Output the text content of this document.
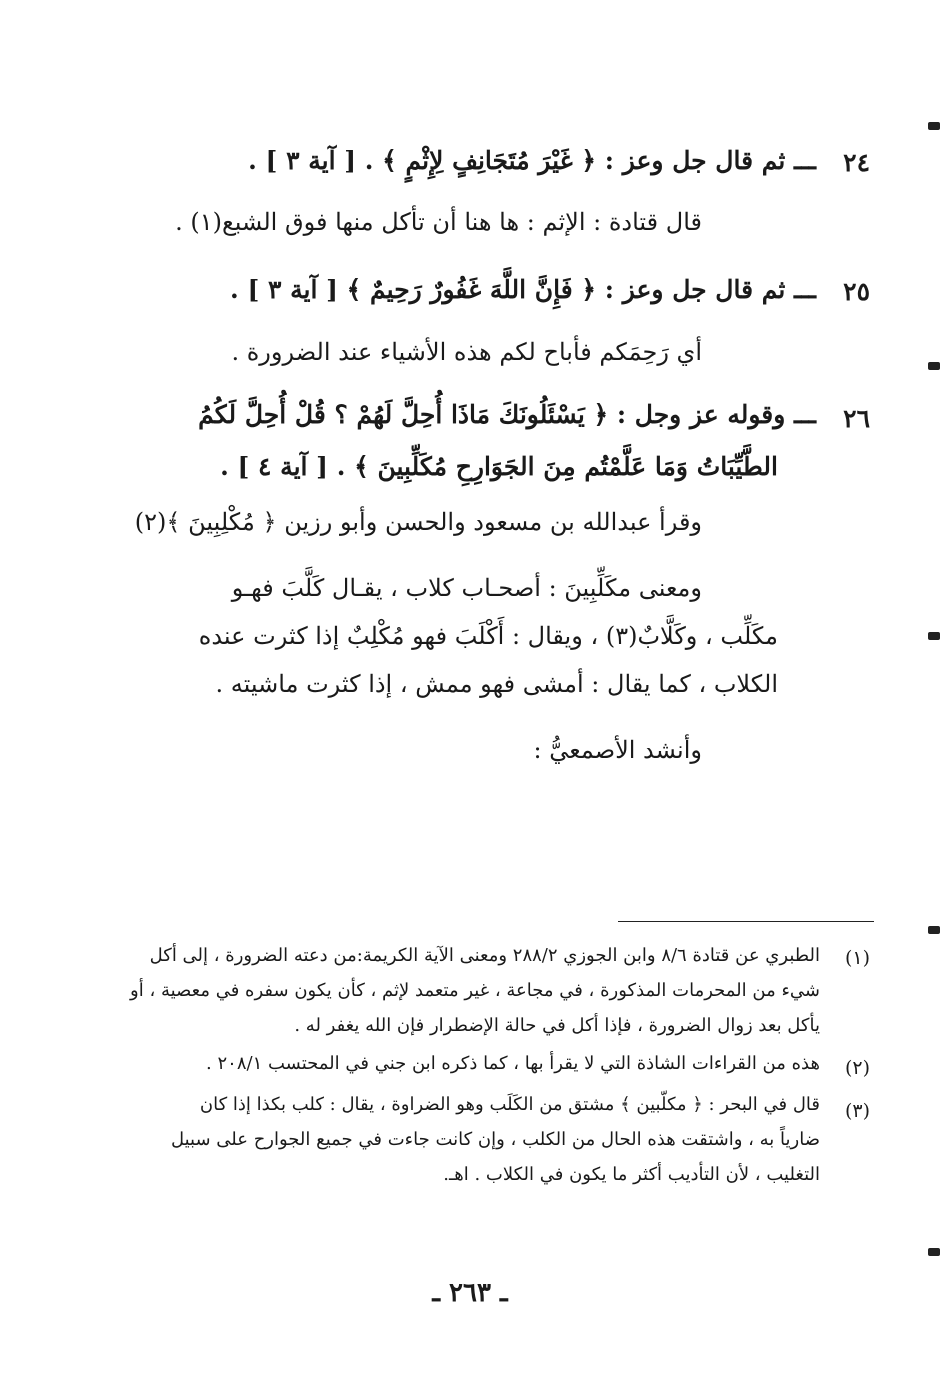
٢٤
ـــ ثم قال جل وعز : ﴿ غَيْرَ مُتَجَانِفٍ لِإِثْمٍ ﴾ . [ آية ٣ ] .
قال قتادة : الإثم : ها هنا أن تأكل منها فوق الشبع(١) .
٢٥
ـــ ثم قال جل وعز : ﴿ فَإِنَّ اللَّهَ غَفُورٌ رَحِيمٌ ﴾ [ آية ٣ ] .
أي رَحِمَكم فأباح لكم هذه الأشياء عند الضرورة .
٢٦
ـــ وقوله عز وجل : ﴿ يَسْئَلُونَكَ مَاذَا أُحِلَّ لَهُمْ ؟ قُلْ أُحِلَّ لَكُمُ
الطَّيِّبَاتُ وَمَا عَلَّمْتُم مِنَ الجَوَارِحِ مُكَلِّبِينَ ﴾ . [ آية ٤ ] .
وقرأ عبدالله بن مسعود والحسن وأبو رزين ﴿ مُكْلِبِينَ ﴾(٢)
ومعنى مكَلِّبِينَ : أصحـاب كلاب ، يقـال كَلَّبَ فهـو
مكَلِّب ، وكَلَّابٌ(٣) ، ويقال : أَكْلَبَ فهو مُكْلِبٌ إذا كثرت عنده
الكلاب ، كما يقال : أمشى فهو ممش ، إذا كثرت ماشيته .
وأنشد الأصمعيُّ :
(١)
الطبري عن قتادة ٨/٦ وابن الجوزي ٢٨٨/٢ ومعنى الآية الكريمة:من دعته الضرورة ، إلى أكل
شيء من المحرمات المذكورة ، في مجاعة ، غير متعمد لإثم ، كأن يكون سفره في معصية ، أو
يأكل بعد زوال الضرورة ، فإذا أكل في حالة الإضطرار فإن الله يغفر له .
(٢)
هذه من القراءات الشاذة التي لا يقرأ بها ، كما ذكره ابن جني في المحتسب ٢٠٨/١ .
(٣)
قال في البحر : ﴿ مكلّبين ﴾ مشتق من الكَلَب وهو الضراوة ، يقال : كلب بكذا إذا كان
ضارياً به ، واشتقت هذه الحال من الكلب ، وإن كانت جاءت في جميع الجوارح على سبيل
التغليب ، لأن التأديب أكثر ما يكون في الكلاب . اهـ.
ـ ٢٦٣ ـ
